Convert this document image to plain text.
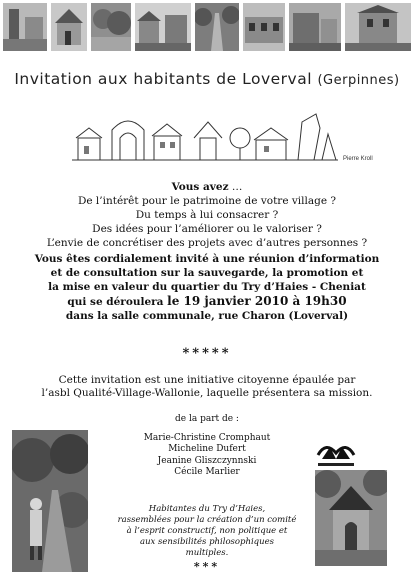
Invitation aux habitants de Loverval (Gerpinnes)
Pierre Kroll
Vous avez …
De l’intérêt pour le patrimoine de votre village ?
Du temps à lui consacrer ?
Des idées pour l’améliorer ou le valoriser ?
L’envie de concrétiser des projets avec d’autres personnes ?
Vous êtes cordialement invité à une réunion d’information
et de consultation sur la sauvegarde, la promotion et
la mise en valeur du quartier du Try d’Haies - Cheniat
qui se déroulera le 19 janvier 2010 à 19h30
dans la salle communale, rue Charon (Loverval)
*****
Cette invitation est une initiative citoyenne épaulée par
l’asbl Qualité-Village-Wallonie, laquelle présentera sa mission.
de la part de :
Marie-Christine Cromphaut
Micheline Dufert
Jeanine Gliszczynnski
Cécile Marlier
Habitantes du Try d’Haies,
rassemblées pour la création d’un comité
à l’esprit constructif, non politique et
aux sensibilités philosophiques
multiples.
***
